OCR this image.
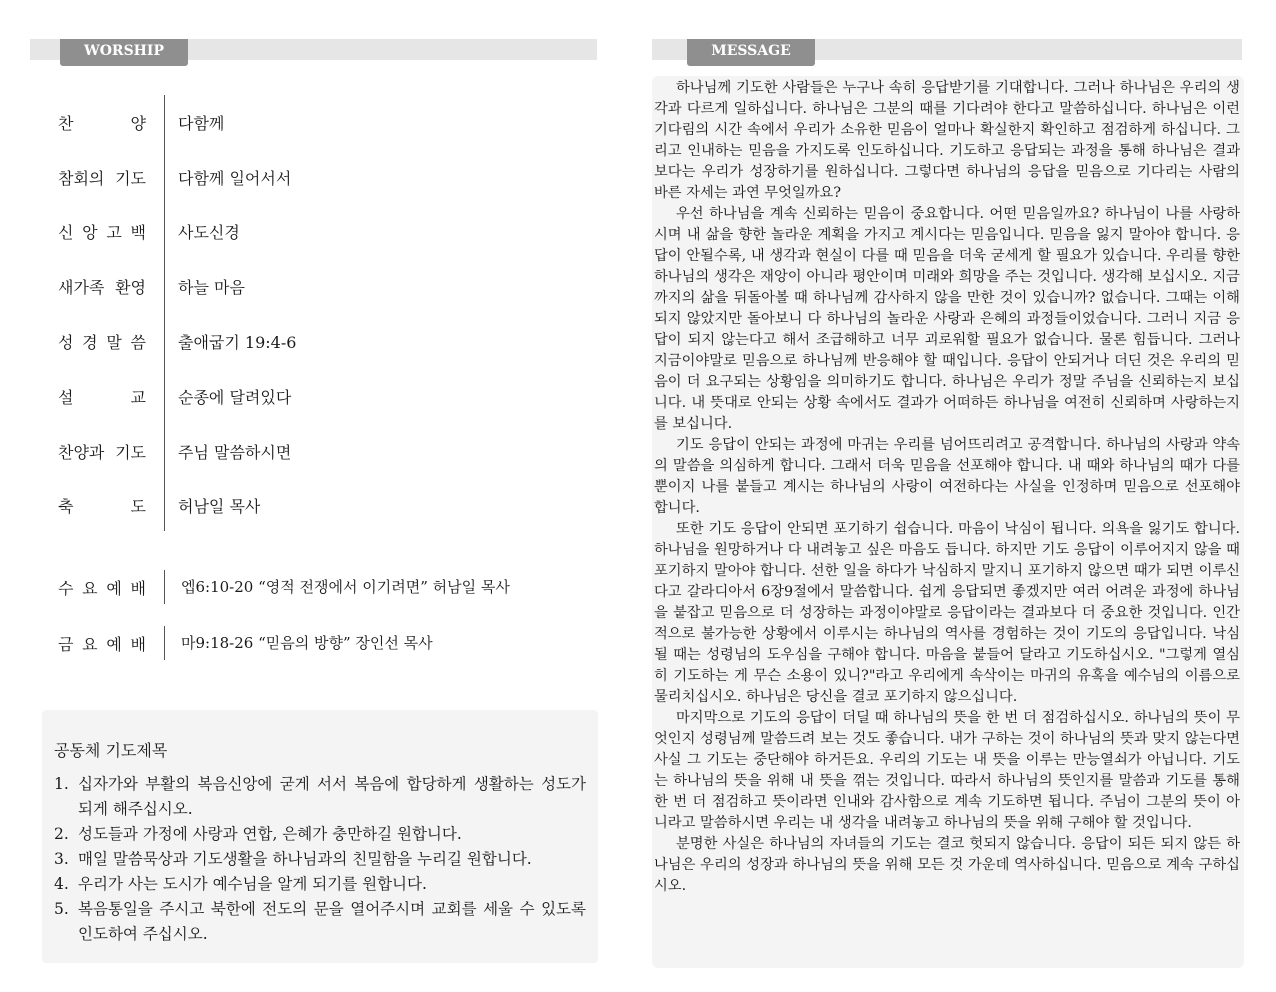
WORSHIP
찬 양	다함께
참회의 기도	다함께 일어서서
신 앙 고 백	사도신경
새가족 환영	하늘 마음
성 경 말 씀	출애굽기 19:4-6
설 교	순종에 달려있다
찬양과 기도	주님 말씀하시면
축 도	허남일 목사
수 요 예 배	엡6:10-20 “영적 전쟁에서 이기려면” 허남일 목사
금 요 예 배	마9:18-26 “믿음의 방향” 장인선 목사
공동체 기도제목
1. 십자가와 부활의 복음신앙에 굳게 서서 복음에 합당하게 생활하는 성도가 되게 해주십시오.
2. 성도들과 가정에 사랑과 연합, 은혜가 충만하길 원합니다.
3. 매일 말씀묵상과 기도생활을 하나님과의 친밀함을 누리길 원합니다.
4. 우리가 사는 도시가 예수님을 알게 되기를 원합니다.
5. 복음통일을 주시고 북한에 전도의 문을 열어주시며 교회를 세울 수 있도록 인도하여 주십시오.
MESSAGE

하나님께 기도한 사람들은 누구나 속히 응답받기를 기대합니다. 그러나 하나님은 우리의 생각과 다르게 일하십니다. 하나님은 그분의 때를 기다려야 한다고 말씀하십니다. 하나님은 이런 기다림의 시간 속에서 우리가 소유한 믿음이 얼마나 확실한지 확인하고 점검하게 하십니다. 그리고 인내하는 믿음을 가지도록 인도하십니다. 기도하고 응답되는 과정을 통해 하나님은 결과보다는 우리가 성장하기를 원하십니다. 그렇다면 하나님의 응답을 믿음으로 기다리는 사람의 바른 자세는 과연 무엇일까요?

우선 하나님을 계속 신뢰하는 믿음이 중요합니다. 어떤 믿음일까요? 하나님이 나를 사랑하시며 내 삶을 향한 놀라운 계획을 가지고 계시다는 믿음입니다. 믿음을 잃지 말아야 합니다. 응답이 안될수록, 내 생각과 현실이 다를 때 믿음을 더욱 굳세게 할 필요가 있습니다. 우리를 향한 하나님의 생각은 재앙이 아니라 평안이며 미래와 희망을 주는 것입니다. 생각해 보십시오. 지금까지의 삶을 뒤돌아볼 때 하나님께 감사하지 않을 만한 것이 있습니까? 없습니다. 그때는 이해되지 않았지만 돌아보니 다 하나님의 놀라운 사랑과 은혜의 과정들이었습니다. 그러니 지금 응답이 되지 않는다고 해서 조급해하고 너무 괴로워할 필요가 없습니다. 물론 힘듭니다. 그러나 지금이야말로 믿음으로 하나님께 반응해야 할 때입니다. 응답이 안되거나 더딘 것은 우리의 믿음이 더 요구되는 상황임을 의미하기도 합니다. 하나님은 우리가 정말 주님을 신뢰하는지 보십니다. 내 뜻대로 안되는 상황 속에서도 결과가 어떠하든 하나님을 여전히 신뢰하며 사랑하는지를 보십니다.

기도 응답이 안되는 과정에 마귀는 우리를 넘어뜨리려고 공격합니다. 하나님의 사랑과 약속의 말씀을 의심하게 합니다. 그래서 더욱 믿음을 선포해야 합니다. 내 때와 하나님의 때가 다를 뿐이지 나를 붙들고 계시는 하나님의 사랑이 여전하다는 사실을 인정하며 믿음으로 선포해야 합니다.

또한 기도 응답이 안되면 포기하기 쉽습니다. 마음이 낙심이 됩니다. 의욕을 잃기도 합니다. 하나님을 원망하거나 다 내려놓고 싶은 마음도 듭니다. 하지만 기도 응답이 이루어지지 않을 때 포기하지 말아야 합니다. 선한 일을 하다가 낙심하지 말지니 포기하지 않으면 때가 되면 이루신다고 갈라디아서 6장9절에서 말씀합니다. 쉽게 응답되면 좋겠지만 여러 어려운 과정에 하나님을 붙잡고 믿음으로 더 성장하는 과정이야말로 응답이라는 결과보다 더 중요한 것입니다. 인간적으로 불가능한 상황에서 이루시는 하나님의 역사를 경험하는 것이 기도의 응답입니다. 낙심될 때는 성령님의 도우심을 구해야 합니다. 마음을 붙들어 달라고 기도하십시오. "그렇게 열심히 기도하는 게 무슨 소용이 있니?"라고 우리에게 속삭이는 마귀의 유혹을 예수님의 이름으로 물리치십시오. 하나님은 당신을 결코 포기하지 않으십니다.

마지막으로 기도의 응답이 더딜 때 하나님의 뜻을 한 번 더 점검하십시오. 하나님의 뜻이 무엇인지 성령님께 말씀드려 보는 것도 좋습니다. 내가 구하는 것이 하나님의 뜻과 맞지 않는다면 사실 그 기도는 중단해야 하거든요. 우리의 기도는 내 뜻을 이루는 만능열쇠가 아닙니다. 기도는 하나님의 뜻을 위해 내 뜻을 꺾는 것입니다. 따라서 하나님의 뜻인지를 말씀과 기도를 통해 한 번 더 점검하고 뜻이라면 인내와 감사함으로 계속 기도하면 됩니다. 주님이 그분의 뜻이 아니라고 말씀하시면 우리는 내 생각을 내려놓고 하나님의 뜻을 위해 구해야 할 것입니다.

분명한 사실은 하나님의 자녀들의 기도는 결코 헛되지 않습니다. 응답이 되든 되지 않든 하나님은 우리의 성장과 하나님의 뜻을 위해 모든 것 가운데 역사하십니다. 믿음으로 계속 구하십시오.
